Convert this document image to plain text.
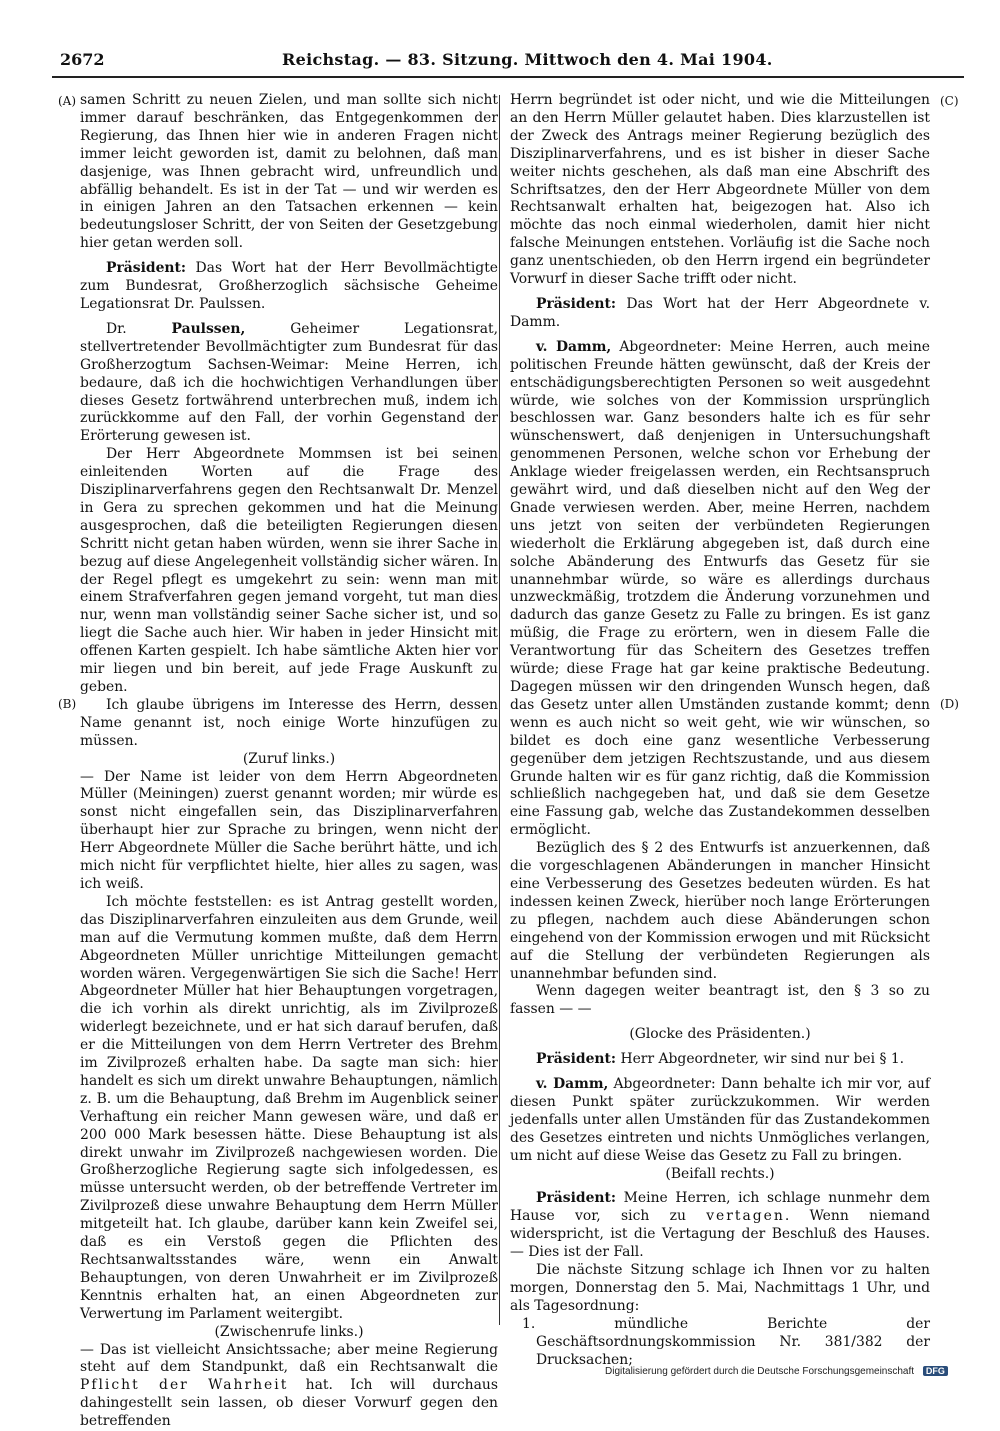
2672	Reichstag. — 83. Sitzung. Mittwoch den 4. Mai 1904.
(A)
(B)
(C)
(D)

samen Schritt zu neuen Zielen, und man sollte sich nicht immer darauf beschränken, das Entgegenkommen der Regierung, das Ihnen hier wie in anderen Fragen nicht immer leicht geworden ist, damit zu belohnen, daß man dasjenige, was Ihnen gebracht wird, unfreundlich und abfällig behandelt. Es ist in der Tat — und wir werden es in einigen Jahren an den Tatsachen erkennen — kein bedeutungsloser Schritt, der von Seiten der Gesetzgebung hier getan werden soll.

Präsident: Das Wort hat der Herr Bevollmächtigte zum Bundesrat, Großherzoglich sächsische Geheime Legationsrat Dr. Paulssen.

Dr. Paulssen, Geheimer Legationsrat, stellvertretender Bevollmächtigter zum Bundesrat für das Großherzogtum Sachsen-Weimar: Meine Herren, ich bedaure, daß ich die hochwichtigen Verhandlungen über dieses Gesetz fortwährend unterbrechen muß, indem ich zurückkomme auf den Fall, der vorhin Gegenstand der Erörterung gewesen ist.

Der Herr Abgeordnete Mommsen ist bei seinen einleitenden Worten auf die Frage des Disziplinarverfahrens gegen den Rechtsanwalt Dr. Menzel in Gera zu sprechen gekommen und hat die Meinung ausgesprochen, daß die beteiligten Regierungen diesen Schritt nicht getan haben würden, wenn sie ihrer Sache in bezug auf diese Angelegenheit vollständig sicher wären. In der Regel pflegt es umgekehrt zu sein: wenn man mit einem Strafverfahren gegen jemand vorgeht, tut man dies nur, wenn man vollständig seiner Sache sicher ist, und so liegt die Sache auch hier. Wir haben in jeder Hinsicht mit offenen Karten gespielt. Ich habe sämtliche Akten hier vor mir liegen und bin bereit, auf jede Frage Auskunft zu geben.

Ich glaube übrigens im Interesse des Herrn, dessen Name genannt ist, noch einige Worte hinzufügen zu müssen.

(Zuruf links.)

— Der Name ist leider von dem Herrn Abgeordneten Müller (Meiningen) zuerst genannt worden; mir würde es sonst nicht eingefallen sein, das Disziplinarverfahren überhaupt hier zur Sprache zu bringen, wenn nicht der Herr Abgeordnete Müller die Sache berührt hätte, und ich mich nicht für verpflichtet hielte, hier alles zu sagen, was ich weiß.

Ich möchte feststellen: es ist Antrag gestellt worden, das Disziplinarverfahren einzuleiten aus dem Grunde, weil man auf die Vermutung kommen mußte, daß dem Herrn Abgeordneten Müller unrichtige Mitteilungen gemacht worden wären. Vergegenwärtigen Sie sich die Sache! Herr Abgeordneter Müller hat hier Behauptungen vorgetragen, die ich vorhin als direkt unrichtig, als im Zivilprozeß widerlegt bezeichnete, und er hat sich darauf berufen, daß er die Mitteilungen von dem Herrn Vertreter des Brehm im Zivilprozeß erhalten habe. Da sagte man sich: hier handelt es sich um direkt unwahre Behauptungen, nämlich z. B. um die Behauptung, daß Brehm im Augenblick seiner Verhaftung ein reicher Mann gewesen wäre, und daß er 200 000 Mark besessen hätte. Diese Behauptung ist als direkt unwahr im Zivilprozeß nachgewiesen worden. Die Großherzogliche Regierung sagte sich infolgedessen, es müsse untersucht werden, ob der betreffende Vertreter im Zivilprozeß diese unwahre Behauptung dem Herrn Müller mitgeteilt hat. Ich glaube, darüber kann kein Zweifel sei, daß es ein Verstoß gegen die Pflichten des Rechtsanwaltsstandes wäre, wenn ein Anwalt Behauptungen, von deren Unwahrheit er im Zivilprozeß Kenntnis erhalten hat, an einen Abgeordneten zur Verwertung im Parlament weitergibt.

(Zwischenrufe links.)

— Das ist vielleicht Ansichtssache; aber meine Regierung steht auf dem Standpunkt, daß ein Rechtsanwalt die Pflicht der Wahrheit hat. Ich will durchaus dahingestellt sein lassen, ob dieser Vorwurf gegen den betreffenden

Herrn begründet ist oder nicht, und wie die Mitteilungen an den Herrn Müller gelautet haben. Dies klarzustellen ist der Zweck des Antrags meiner Regierung bezüglich des Disziplinarverfahrens, und es ist bisher in dieser Sache weiter nichts geschehen, als daß man eine Abschrift des Schriftsatzes, den der Herr Abgeordnete Müller von dem Rechtsanwalt erhalten hat, beigezogen hat. Also ich möchte das noch einmal wiederholen, damit hier nicht falsche Meinungen entstehen. Vorläufig ist die Sache noch ganz unentschieden, ob den Herrn irgend ein begründeter Vorwurf in dieser Sache trifft oder nicht.

Präsident: Das Wort hat der Herr Abgeordnete v. Damm.

v. Damm, Abgeordneter: Meine Herren, auch meine politischen Freunde hätten gewünscht, daß der Kreis der entschädigungsberechtigten Personen so weit ausgedehnt würde, wie solches von der Kommission ursprünglich beschlossen war. Ganz besonders halte ich es für sehr wünschenswert, daß denjenigen in Untersuchungshaft genommenen Personen, welche schon vor Erhebung der Anklage wieder freigelassen werden, ein Rechtsanspruch gewährt wird, und daß dieselben nicht auf den Weg der Gnade verwiesen werden. Aber, meine Herren, nachdem uns jetzt von seiten der verbündeten Regierungen wiederholt die Erklärung abgegeben ist, daß durch eine solche Abänderung des Entwurfs das Gesetz für sie unannehmbar würde, so wäre es allerdings durchaus unzweckmäßig, trotzdem die Änderung vorzunehmen und dadurch das ganze Gesetz zu Falle zu bringen. Es ist ganz müßig, die Frage zu erörtern, wen in diesem Falle die Verantwortung für das Scheitern des Gesetzes treffen würde; diese Frage hat gar keine praktische Bedeutung. Dagegen müssen wir den dringenden Wunsch hegen, daß das Gesetz unter allen Umständen zustande kommt; denn wenn es auch nicht so weit geht, wie wir wünschen, so bildet es doch eine ganz wesentliche Verbesserung gegenüber dem jetzigen Rechtszustande, und aus diesem Grunde halten wir es für ganz richtig, daß die Kommission schließlich nachgegeben hat, und daß sie dem Gesetze eine Fassung gab, welche das Zustandekommen desselben ermöglicht.

Bezüglich des § 2 des Entwurfs ist anzuerkennen, daß die vorgeschlagenen Abänderungen in mancher Hinsicht eine Verbesserung des Gesetzes bedeuten würden. Es hat indessen keinen Zweck, hierüber noch lange Erörterungen zu pflegen, nachdem auch diese Abänderungen schon eingehend von der Kommission erwogen und mit Rücksicht auf die Stellung der verbündeten Regierungen als unannehmbar befunden sind.

Wenn dagegen weiter beantragt ist, den § 3 so zu fassen — —

(Glocke des Präsidenten.)

Präsident: Herr Abgeordneter, wir sind nur bei § 1.

v. Damm, Abgeordneter: Dann behalte ich mir vor, auf diesen Punkt später zurückzukommen. Wir werden jedenfalls unter allen Umständen für das Zustandekommen des Gesetzes eintreten und nichts Unmögliches verlangen, um nicht auf diese Weise das Gesetz zu Fall zu bringen.

(Beifall rechts.)

Präsident: Meine Herren, ich schlage nunmehr dem Hause vor, sich zu vertagen. Wenn niemand widerspricht, ist die Vertagung der Beschluß des Hauses. — Dies ist der Fall.

Die nächste Sitzung schlage ich Ihnen vor zu halten morgen, Donnerstag den 5. Mai, Nachmittags 1 Uhr, und als Tagesordnung:

1. mündliche Berichte der Geschäftsordnungskommission Nr. 381/382 der Drucksachen;

Digitalisierung gefördert durch die Deutsche Forschungsgemeinschaft DFG
